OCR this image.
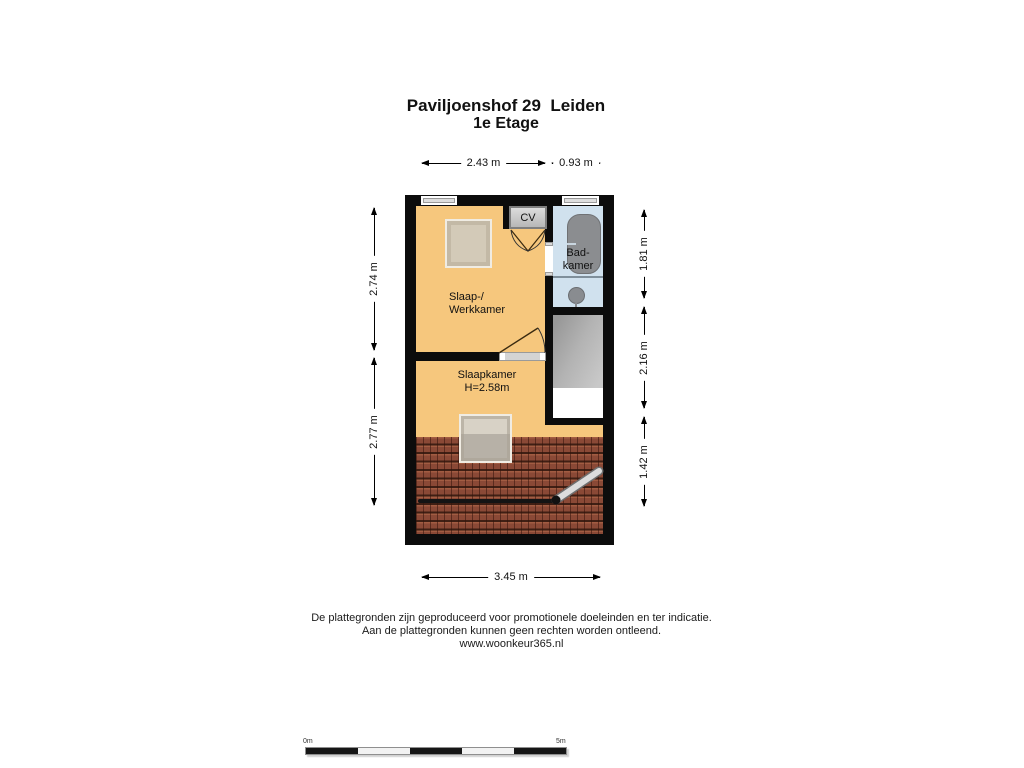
Paviljoenshof 29  Leiden
1e Etage
2.43 m	0.93 m
2.74 m
2.77 m
1.81 m
2.16 m
1.42 m
CV
Slaap-/
Werkkamer
Bad-
kamer
Slaapkamer
H=2.58m
3.45 m
De plattegronden zijn geproduceerd voor promotionele doeleinden en ter indicatie.
Aan de plattegronden kunnen geen rechten worden ontleend.
www.woonkeur365.nl
0m	5m
